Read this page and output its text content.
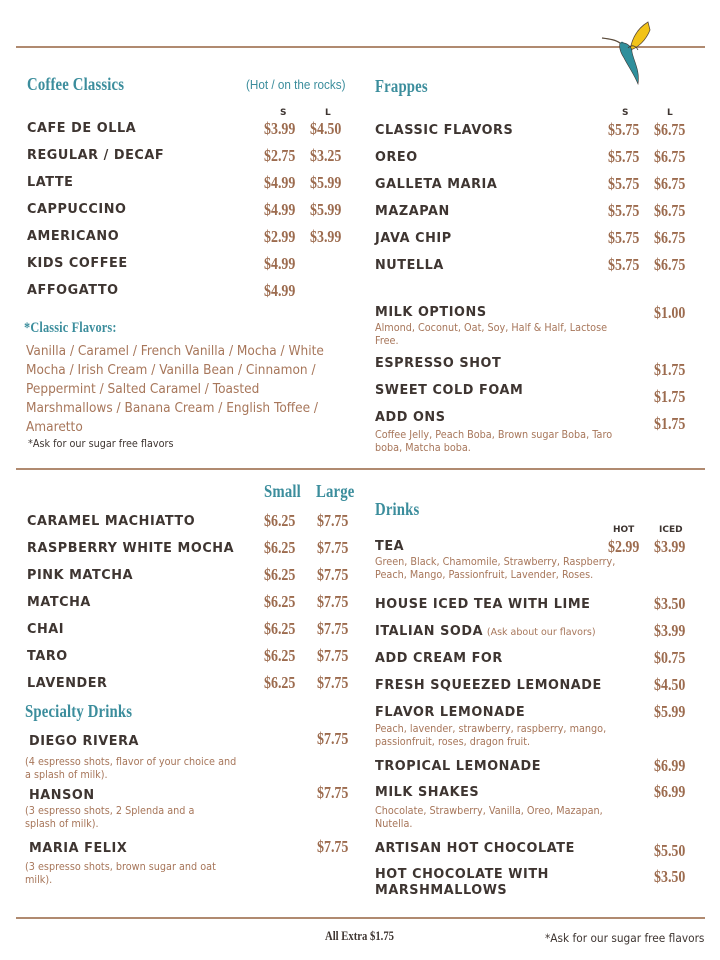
Coffee Classics	(Hot / on the rocks)
S	L
CAFE DE OLLA	$3.99 $4.50
REGULAR / DECAF	$2.75 $3.25
LATTE	$4.99 $5.99
CAPPUCCINO	$4.99 $5.99
AMERICANO	$2.99 $3.99
KIDS COFFEE	$4.99
AFFOGATTO	$4.99
*Classic Flavors:
Vanilla / Caramel / French Vanilla / Mocha / White Mocha / Irish Cream / Vanilla Bean / Cinnamon / Peppermint / Salted Caramel / Toasted Marshmallows / Banana Cream / English Toffee / Amaretto
*Ask for our sugar free flavors
Frappes
S	L
CLASSIC FLAVORS	$5.75 $6.75
OREO	$5.75 $6.75
GALLETA MARIA	$5.75 $6.75
MAZAPAN	$5.75 $6.75
JAVA CHIP	$5.75 $6.75
NUTELLA	$5.75 $6.75
MILK OPTIONS	$1.00
Almond, Coconut, Oat, Soy, Half & Half, Lactose Free.
ESPRESSO SHOT	$1.75
SWEET COLD FOAM	$1.75
ADD ONS	$1.75
Coffee Jelly, Peach Boba, Brown sugar Boba, Taro boba, Matcha boba.
Small Large
CARAMEL MACHIATTO	$6.25 $7.75
RASPBERRY WHITE MOCHA $6.25 $7.75
PINK MATCHA	$6.25 $7.75
MATCHA	$6.25 $7.75
CHAI	$6.25 $7.75
TARO	$6.25 $7.75
LAVENDER	$6.25 $7.75
Specialty Drinks
DIEGO RIVERA	$7.75
(4 espresso shots, flavor of your choice and a splash of milk).
HANSON	$7.75
(3 espresso shots, 2 Splenda and a splash of milk).
MARIA FELIX	$7.75
(3 espresso shots, brown sugar and oat milk).
Drinks
HOT	ICED
TEA	$2.99 $3.99
Green, Black, Chamomile, Strawberry, Raspberry, Peach, Mango, Passionfruit, Lavender, Roses.
HOUSE ICED TEA WITH LIME	$3.50
ITALIAN SODA (Ask about our flavors)	$3.99
ADD CREAM FOR	$0.75
FRESH SQUEEZED LEMONADE	$4.50
FLAVOR LEMONADE	$5.99
Peach, lavender, strawberry, raspberry, mango, passionfruit, roses, dragon fruit.
TROPICAL LEMONADE	$6.99
MILK SHAKES	$6.99
Chocolate, Strawberry, Vanilla, Oreo, Mazapan, Nutella.
ARTISAN HOT CHOCOLATE	$5.50
HOT CHOCOLATE WITH MARSHMALLOWS
$3.50
All Extra $1.75	*Ask for our sugar free flavors
